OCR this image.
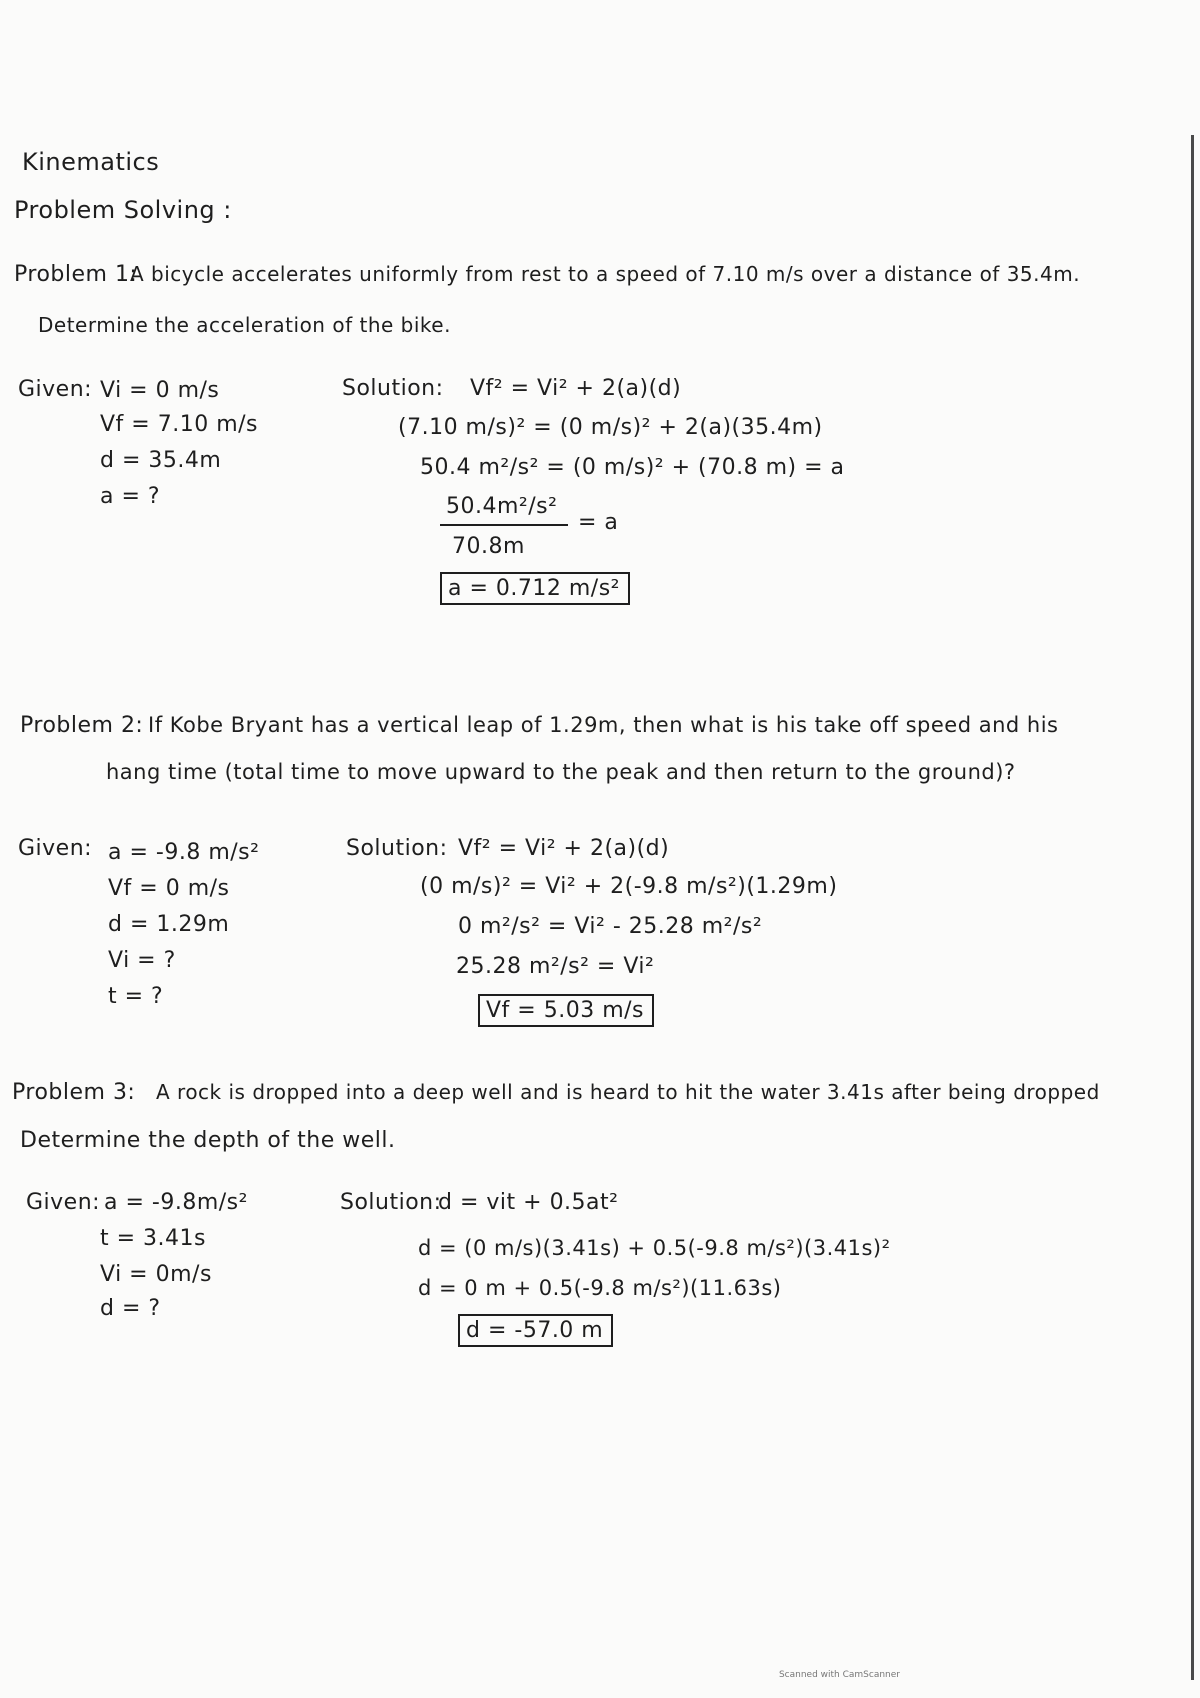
Kinematics
Problem Solving :
Problem 1:
A bicycle accelerates uniformly from rest to a speed of 7.10 m/s over a distance of 35.4m.
Determine the acceleration of the bike.
Given: Vi = 0 m/s
Vf = 7.10 m/s
d = 35.4m
a = ?
Solution: Vf² = Vi² + 2(a)(d)
(7.10 m/s)² = (0 m/s)² + 2(a)(35.4m)
50.4 m²/s² = (0 m/s)² + (70.8 m) = a
50.4m²/s²
= a
70.8m
a = 0.712 m/s²
Problem 2: If Kobe Bryant has a vertical leap of 1.29m, then what is his take off speed and his
hang time (total time to move upward to the peak and then return to the ground)?
Given: a = -9.8 m/s²
Vf = 0 m/s
d = 1.29m
Vi = ?
t = ?
Solution: Vf² = Vi² + 2(a)(d)
(0 m/s)² = Vi² + 2(-9.8 m/s²)(1.29m)
0 m²/s² = Vi² - 25.28 m²/s²
25.28 m²/s² = Vi²
Vf = 5.03 m/s
Problem 3: A rock is dropped into a deep well and is heard to hit the water 3.41s after being dropped
Determine the depth of the well.
Given: a = -9.8m/s²
t = 3.41s
Vi = 0m/s
d = ?
Solution:
d = vit + 0.5at²
d = (0 m/s)(3.41s) + 0.5(-9.8 m/s²)(3.41s)²
d = 0 m + 0.5(-9.8 m/s²)(11.63s)
d = -57.0 m
Scanned with CamScanner
